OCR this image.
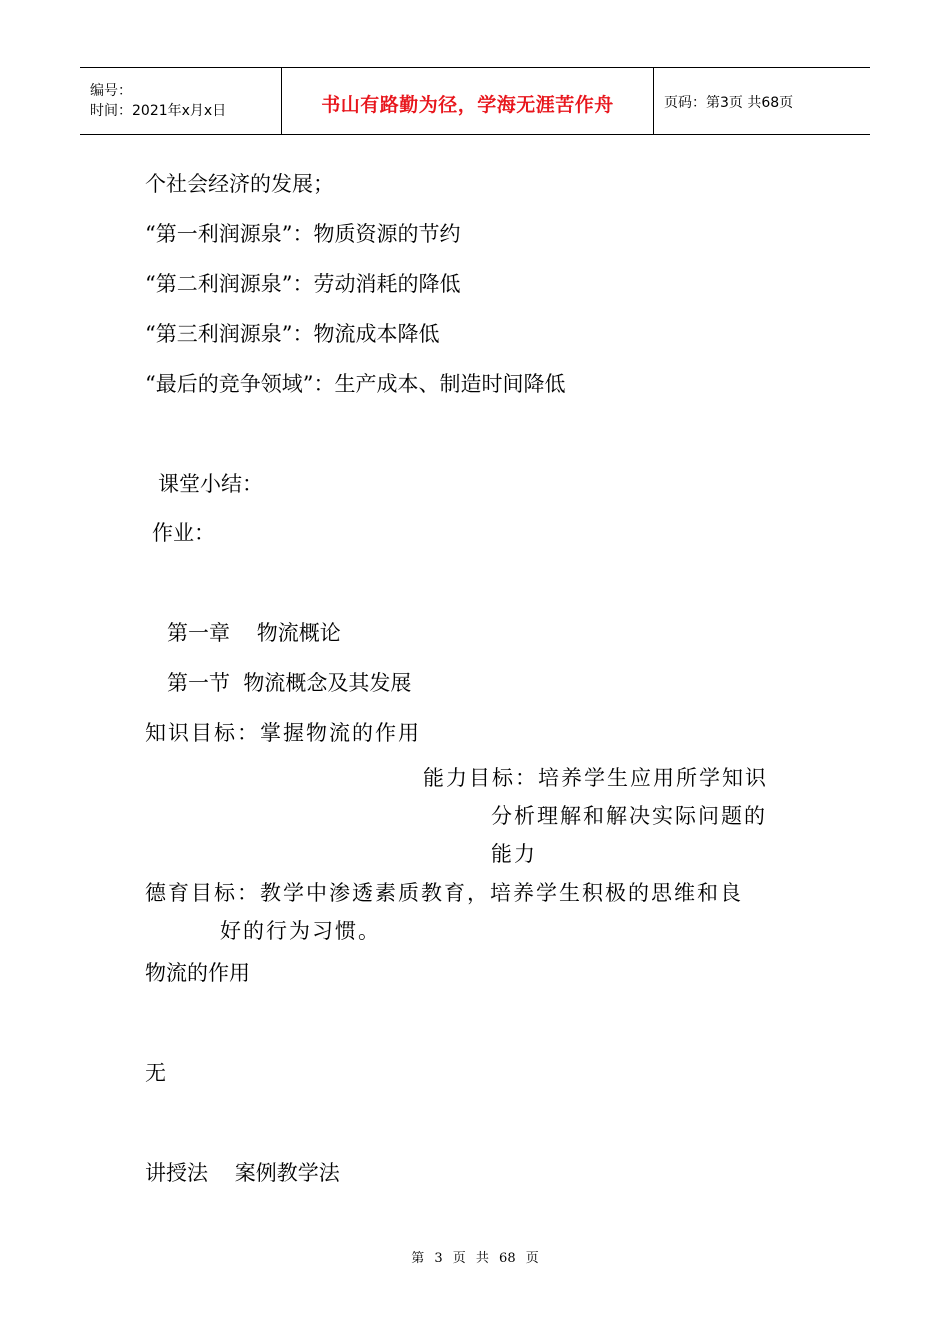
编号：
时间：2021年x月x日	书山有路勤为径，学海无涯苦作舟	页码：第3页 共68页
个社会经济的发展；
“第一利润源泉”：物质资源的节约
“第二利润源泉”：劳动消耗的降低
“第三利润源泉”：物流成本降低
“最后的竞争领域”：生产成本、制造时间降低
课堂小结：
作业：
第一章    物流概论
第一节  物流概念及其发展
知识目标：掌握物流的作用
能力目标：培养学生应用所学知识
分析理解和解决实际问题的
能力
德育目标：教学中渗透素质教育，培养学生积极的思维和良
好的行为习惯。
物流的作用
无
讲授法    案例教学法
第 3 页 共 68 页
